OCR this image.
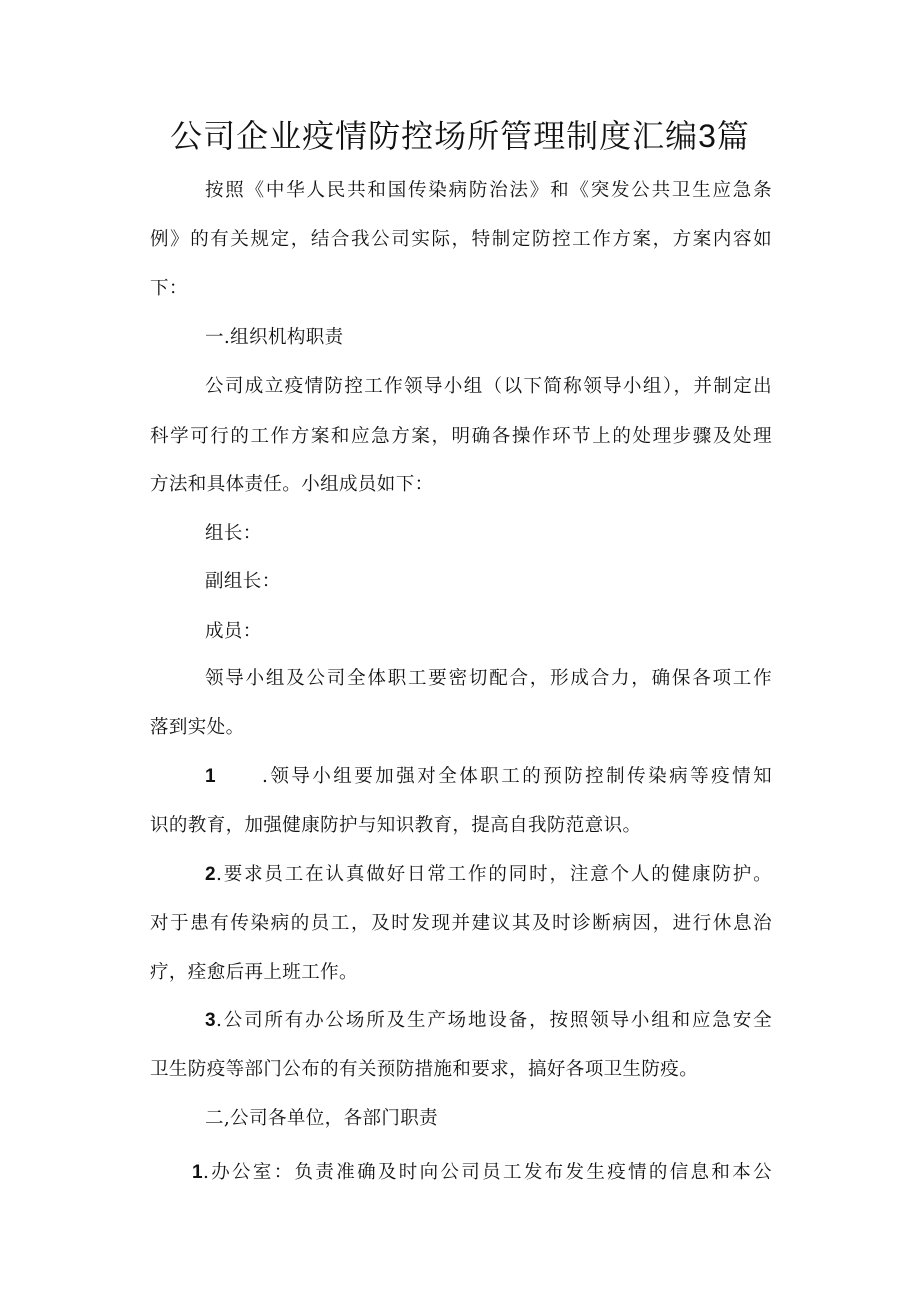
公司企业疫情防控场所管理制度汇编3篇
按照《中华人民共和国传染病防治法》和《突发公共卫生应急条
例》的有关规定，结合我公司实际，特制定防控工作方案，方案内容如
下：
一.组织机构职责
公司成立疫情防控工作领导小组（以下简称领导小组），并制定出
科学可行的工作方案和应急方案，明确各操作环节上的处理步骤及处理
方法和具体责任。小组成员如下：
组长：
副组长：
成员：
领导小组及公司全体职工要密切配合，形成合力，确保各项工作
落到实处。
1 .领导小组要加强对全体职工的预防控制传染病等疫情知
识的教育，加强健康防护与知识教育，提高自我防范意识。
2.要求员工在认真做好日常工作的同时，注意个人的健康防护。
对于患有传染病的员工，及时发现并建议其及时诊断病因，进行休息治
疗，痊愈后再上班工作。
3.公司所有办公场所及生产场地设备，按照领导小组和应急安全
卫生防疫等部门公布的有关预防措施和要求，搞好各项卫生防疫。
二,公司各单位，各部门职责
1.办公室：负责准确及时向公司员工发布发生疫情的信息和本公
